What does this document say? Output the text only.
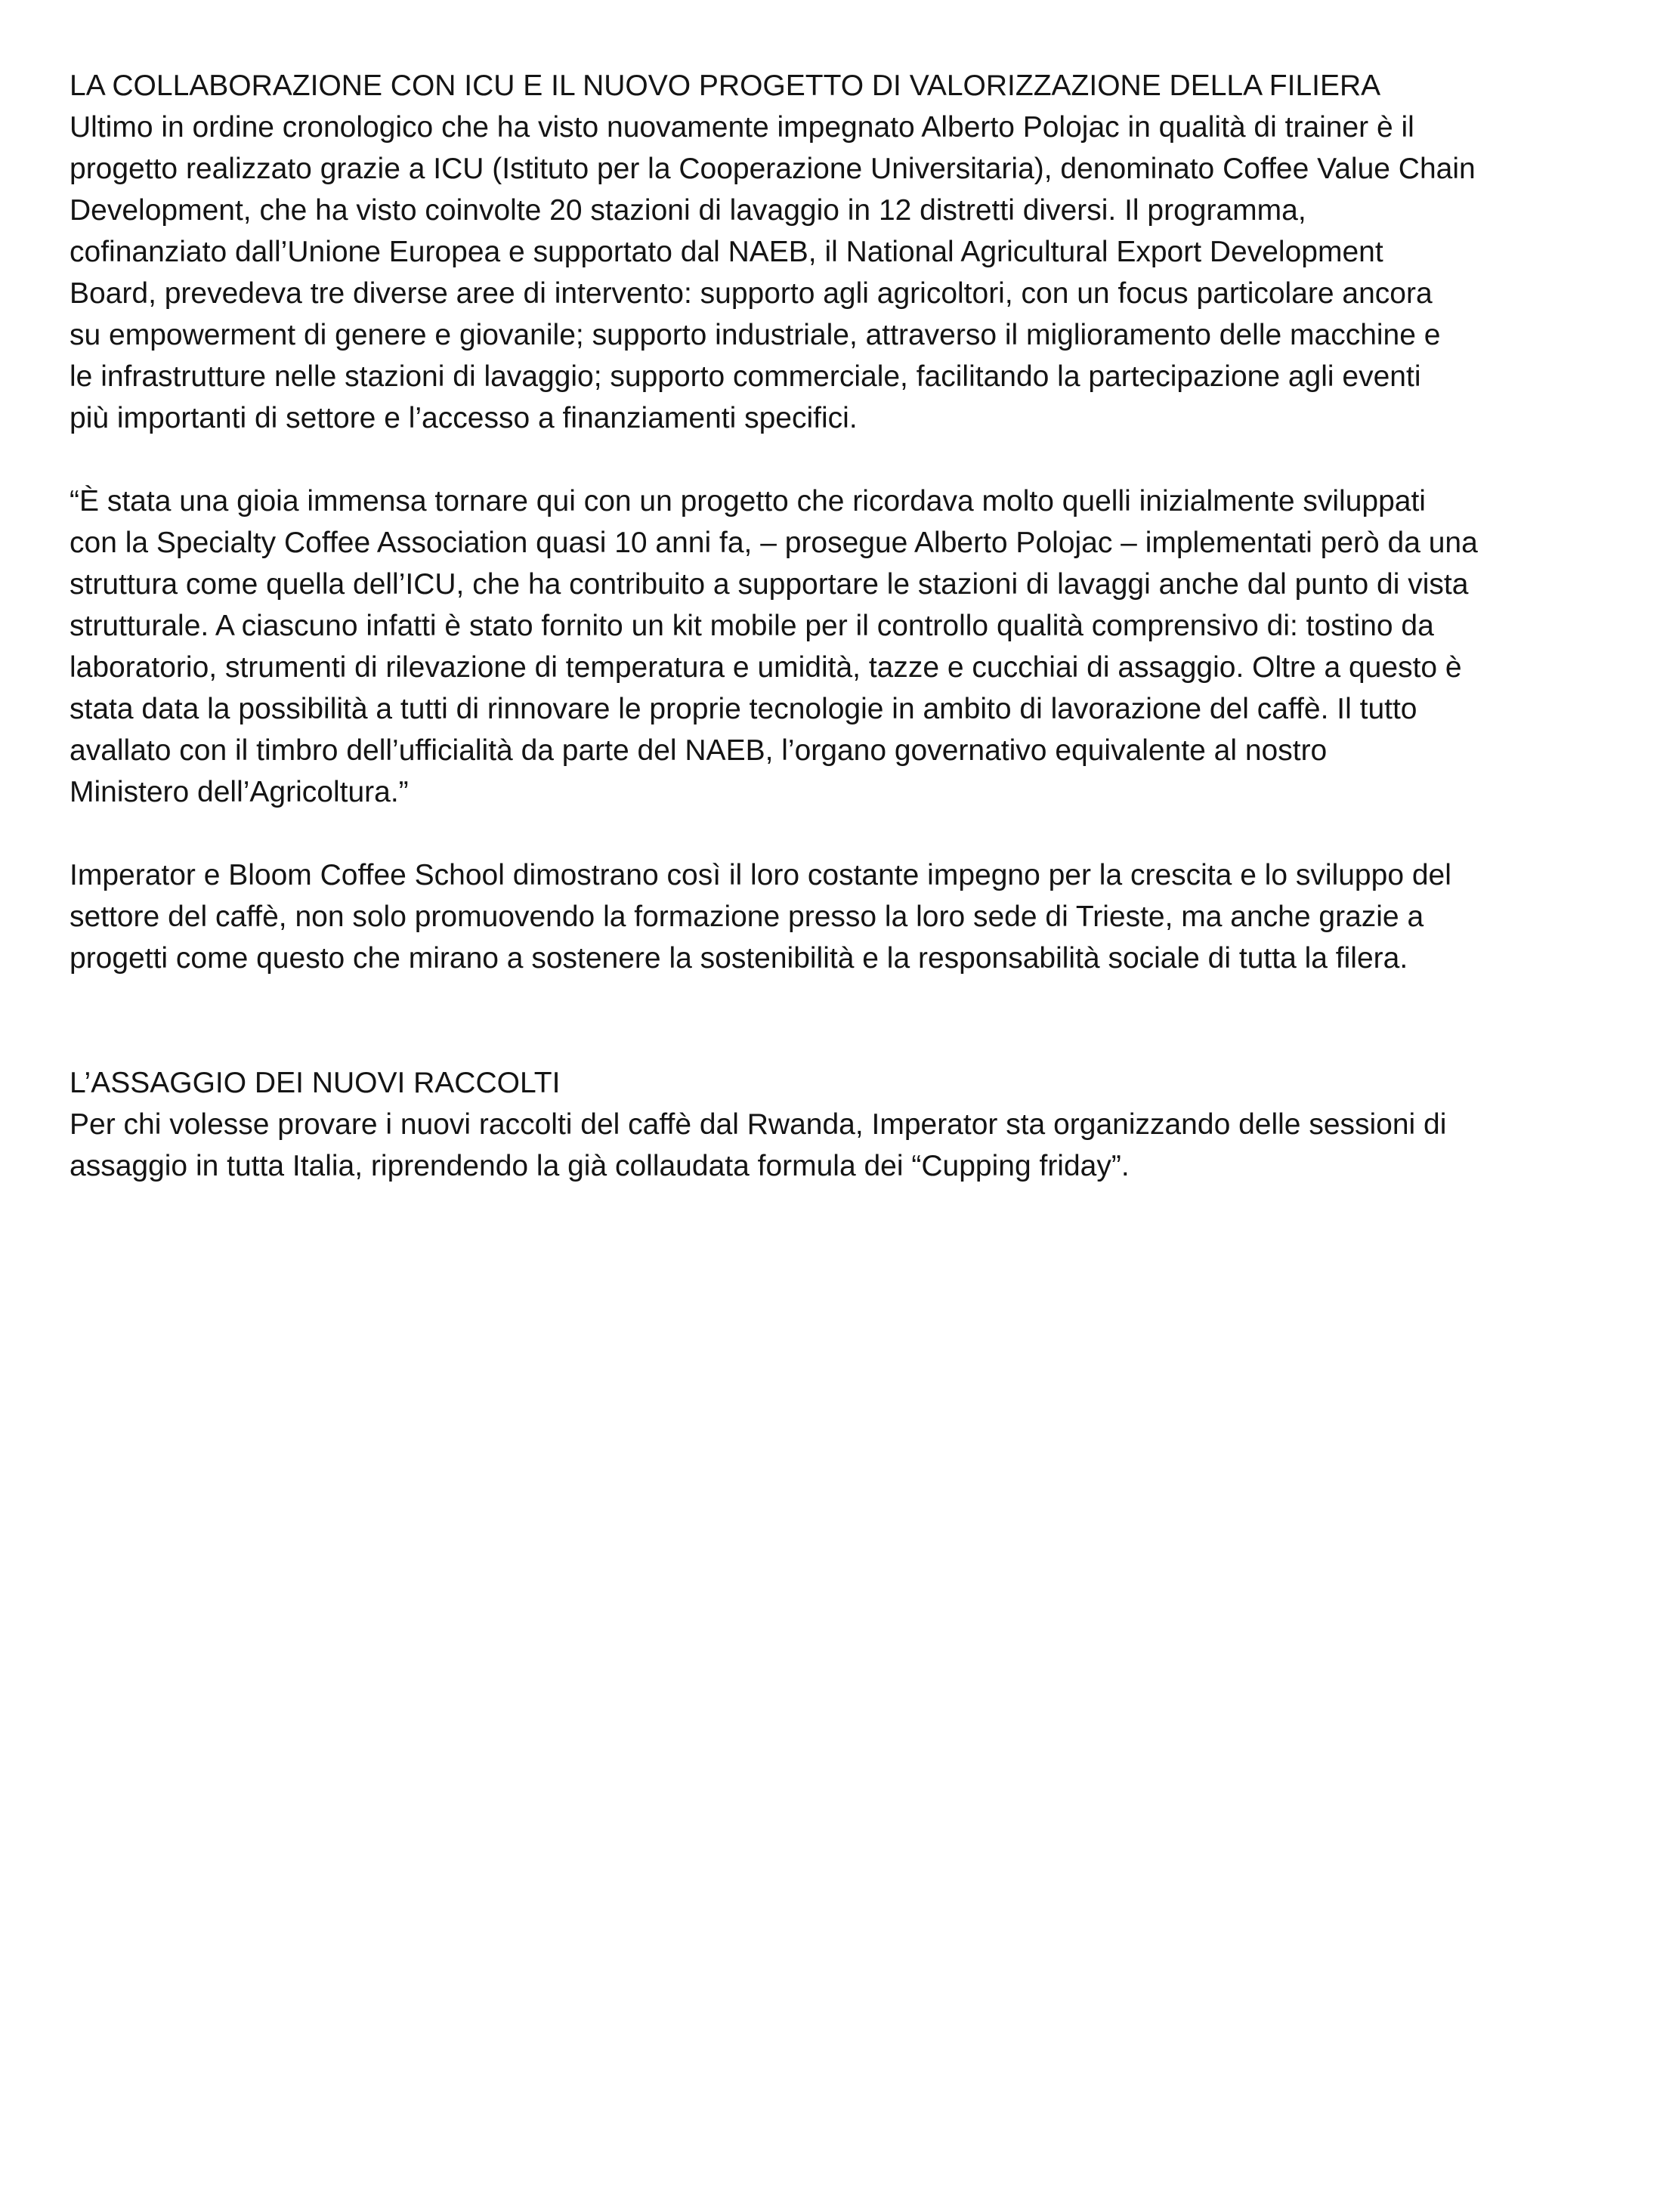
LA COLLABORAZIONE CON ICU E IL NUOVO PROGETTO DI VALORIZZAZIONE DELLA FILIERA
Ultimo in ordine cronologico che ha visto nuovamente impegnato Alberto Polojac in qualità di trainer è il
progetto realizzato grazie a ICU (Istituto per la Cooperazione Universitaria), denominato Coffee Value Chain
Development, che ha visto coinvolte 20 stazioni di lavaggio in 12 distretti diversi. Il programma,
cofinanziato dall’Unione Europea e supportato dal NAEB, il National Agricultural Export Development
Board, prevedeva tre diverse aree di intervento: supporto agli agricoltori, con un focus particolare ancora
su empowerment di genere e giovanile; supporto industriale, attraverso il miglioramento delle macchine e
le infrastrutture nelle stazioni di lavaggio; supporto commerciale, facilitando la partecipazione agli eventi
più importanti di settore e l’accesso a finanziamenti specifici.

“È stata una gioia immensa tornare qui con un progetto che ricordava molto quelli inizialmente sviluppati
con la Specialty Coffee Association quasi 10 anni fa, – prosegue Alberto Polojac – implementati però da una
struttura come quella dell’ICU, che ha contribuito a supportare le stazioni di lavaggi anche dal punto di vista
strutturale. A ciascuno infatti è stato fornito un kit mobile per il controllo qualità comprensivo di: tostino da
laboratorio, strumenti di rilevazione di temperatura e umidità, tazze e cucchiai di assaggio. Oltre a questo è
stata data la possibilità a tutti di rinnovare le proprie tecnologie in ambito di lavorazione del caffè. Il tutto
avallato con il timbro dell’ufficialità da parte del NAEB, l’organo governativo equivalente al nostro
Ministero dell’Agricoltura.”

Imperator e Bloom Coffee School dimostrano così il loro costante impegno per la crescita e lo sviluppo del
settore del caffè, non solo promuovendo la formazione presso la loro sede di Trieste, ma anche grazie a
progetti come questo che mirano a sostenere la sostenibilità e la responsabilità sociale di tutta la filera.

L’ASSAGGIO DEI NUOVI RACCOLTI
Per chi volesse provare i nuovi raccolti del caffè dal Rwanda, Imperator sta organizzando delle sessioni di
assaggio in tutta Italia, riprendendo la già collaudata formula dei “Cupping friday”.
